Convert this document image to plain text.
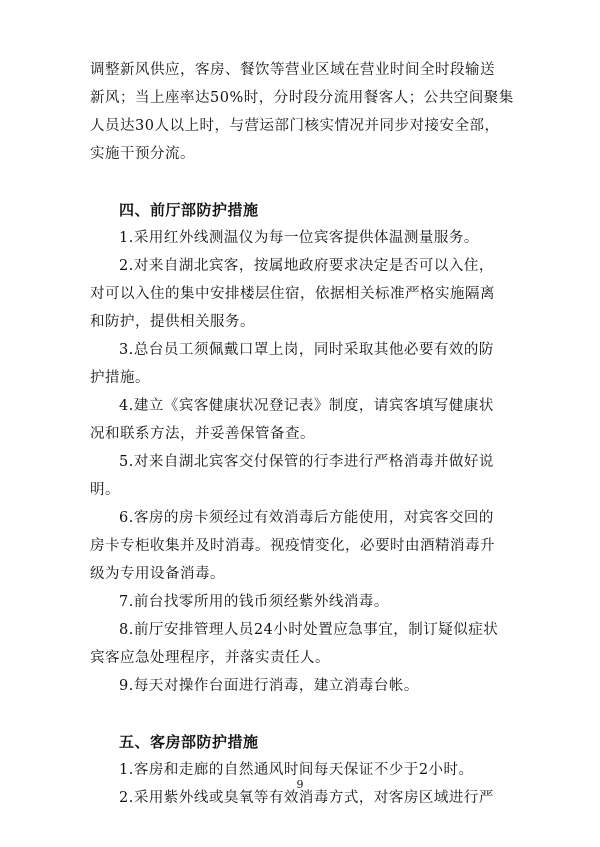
调整新风供应，客房、餐饮等营业区域在营业时间全时段输送

新风；当上座率达50%时，分时段分流用餐客人；公共空间聚集

人员达30人以上时，与营运部门核实情况并同步对接安全部，

实施干预分流。

四、前厅部防护措施

1.采用红外线测温仪为每一位宾客提供体温测量服务。

2.对来自湖北宾客，按属地政府要求决定是否可以入住，

对可以入住的集中安排楼层住宿，依据相关标准严格实施隔离

和防护，提供相关服务。

3.总台员工须佩戴口罩上岗，同时采取其他必要有效的防

护措施。

4.建立《宾客健康状况登记表》制度，请宾客填写健康状

况和联系方法，并妥善保管备查。

5.对来自湖北宾客交付保管的行李进行严格消毒并做好说

明。

6.客房的房卡须经过有效消毒后方能使用，对宾客交回的

房卡专柜收集并及时消毒。视疫情变化，必要时由酒精消毒升

级为专用设备消毒。

7.前台找零所用的钱币须经紫外线消毒。

8.前厅安排管理人员24小时处置应急事宜，制订疑似症状

宾客应急处理程序，并落实责任人。

9.每天对操作台面进行消毒，建立消毒台帐。

五、客房部防护措施

1.客房和走廊的自然通风时间每天保证不少于2小时。

2.采用紫外线或臭氧等有效消毒方式，对客房区域进行严

9
